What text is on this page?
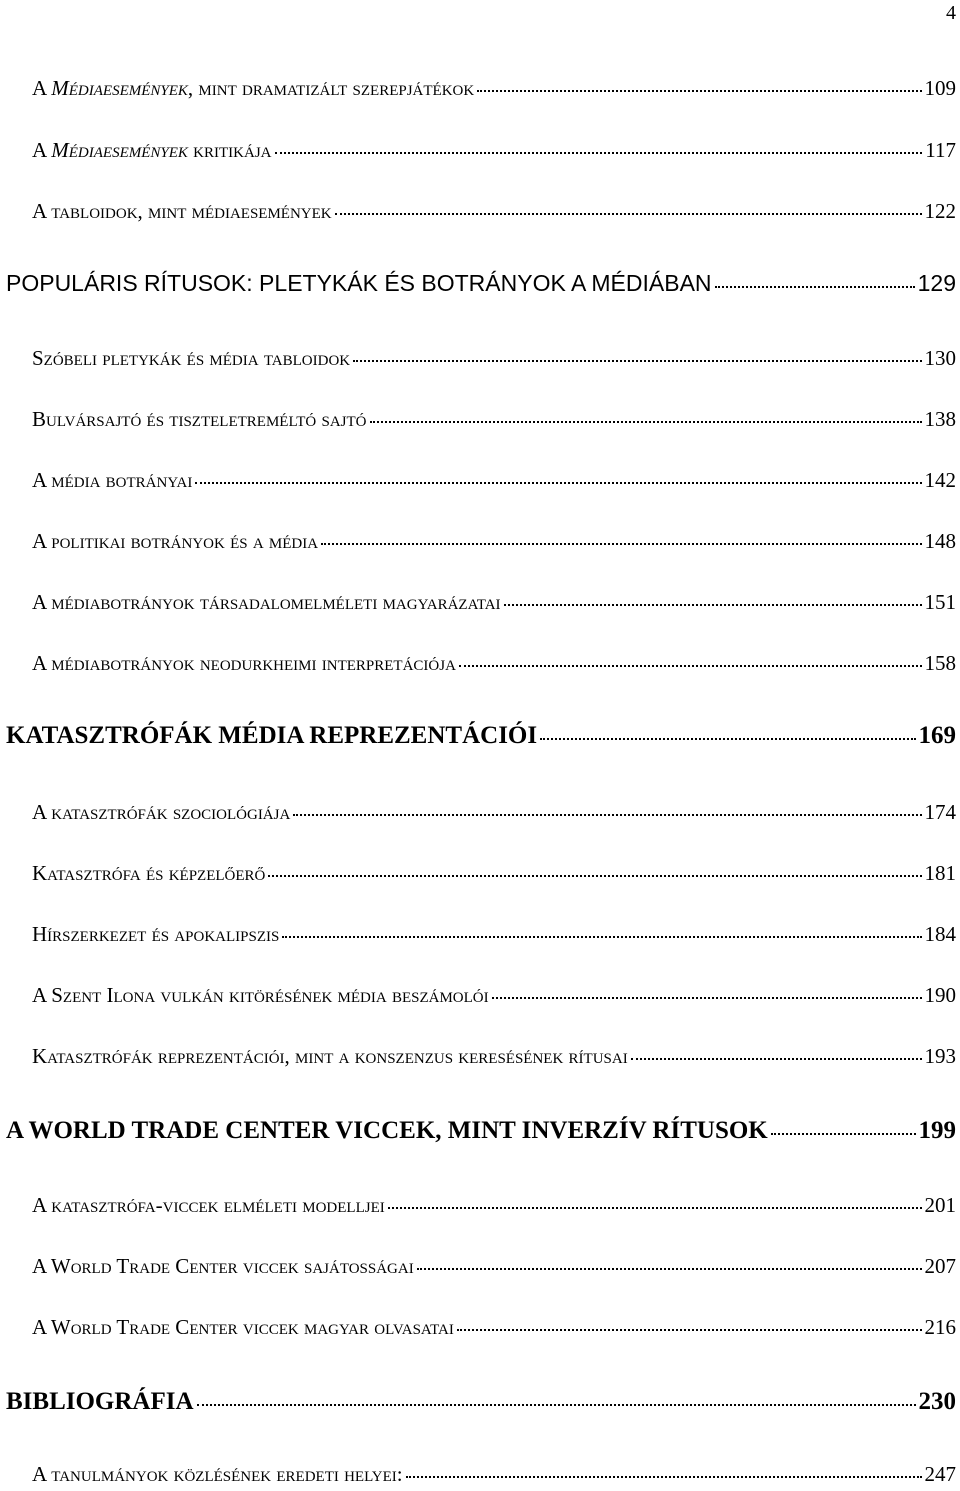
4
A Médiaesemények, mint dramatizált szerepjátékok	109
A Médiaesemények kritikája	117
A tabloidok, mint médiaesemények	122
POPULÁRIS RÍTUSOK: PLETYKÁK ÉS BOTRÁNYOK A MÉDIÁBAN	129
Szóbeli pletykák és média tabloidok	130
Bulvársajtó és tiszteletreméltó sajtó	138
A média botrányai	142
A politikai botrányok és a média	148
A médiabotrányok társadalomelméleti magyarázatai	151
A médiabotrányok neodurkheimi interpretációja	158
KATASZTRÓFÁK MÉDIA REPREZENTÁCIÓI	169
A katasztrófák szociológiája	174
Katasztrófa és képzelőerő	181
Hírszerkezet és apokalipszis	184
A Szent Ilona vulkán kitörésének média beszámolói	190
Katasztrófák reprezentációi, mint a konszenzus keresésének rítusai	193
A WORLD TRADE CENTER VICCEK, MINT INVERZÍV RÍTUSOK	199
A katasztrófa-viccek elméleti modelljei	201
A World Trade Center viccek sajátosságai	207
A World Trade Center viccek magyar olvasatai	216
BIBLIOGRÁFIA	230
A tanulmányok közlésének eredeti helyei:	247
